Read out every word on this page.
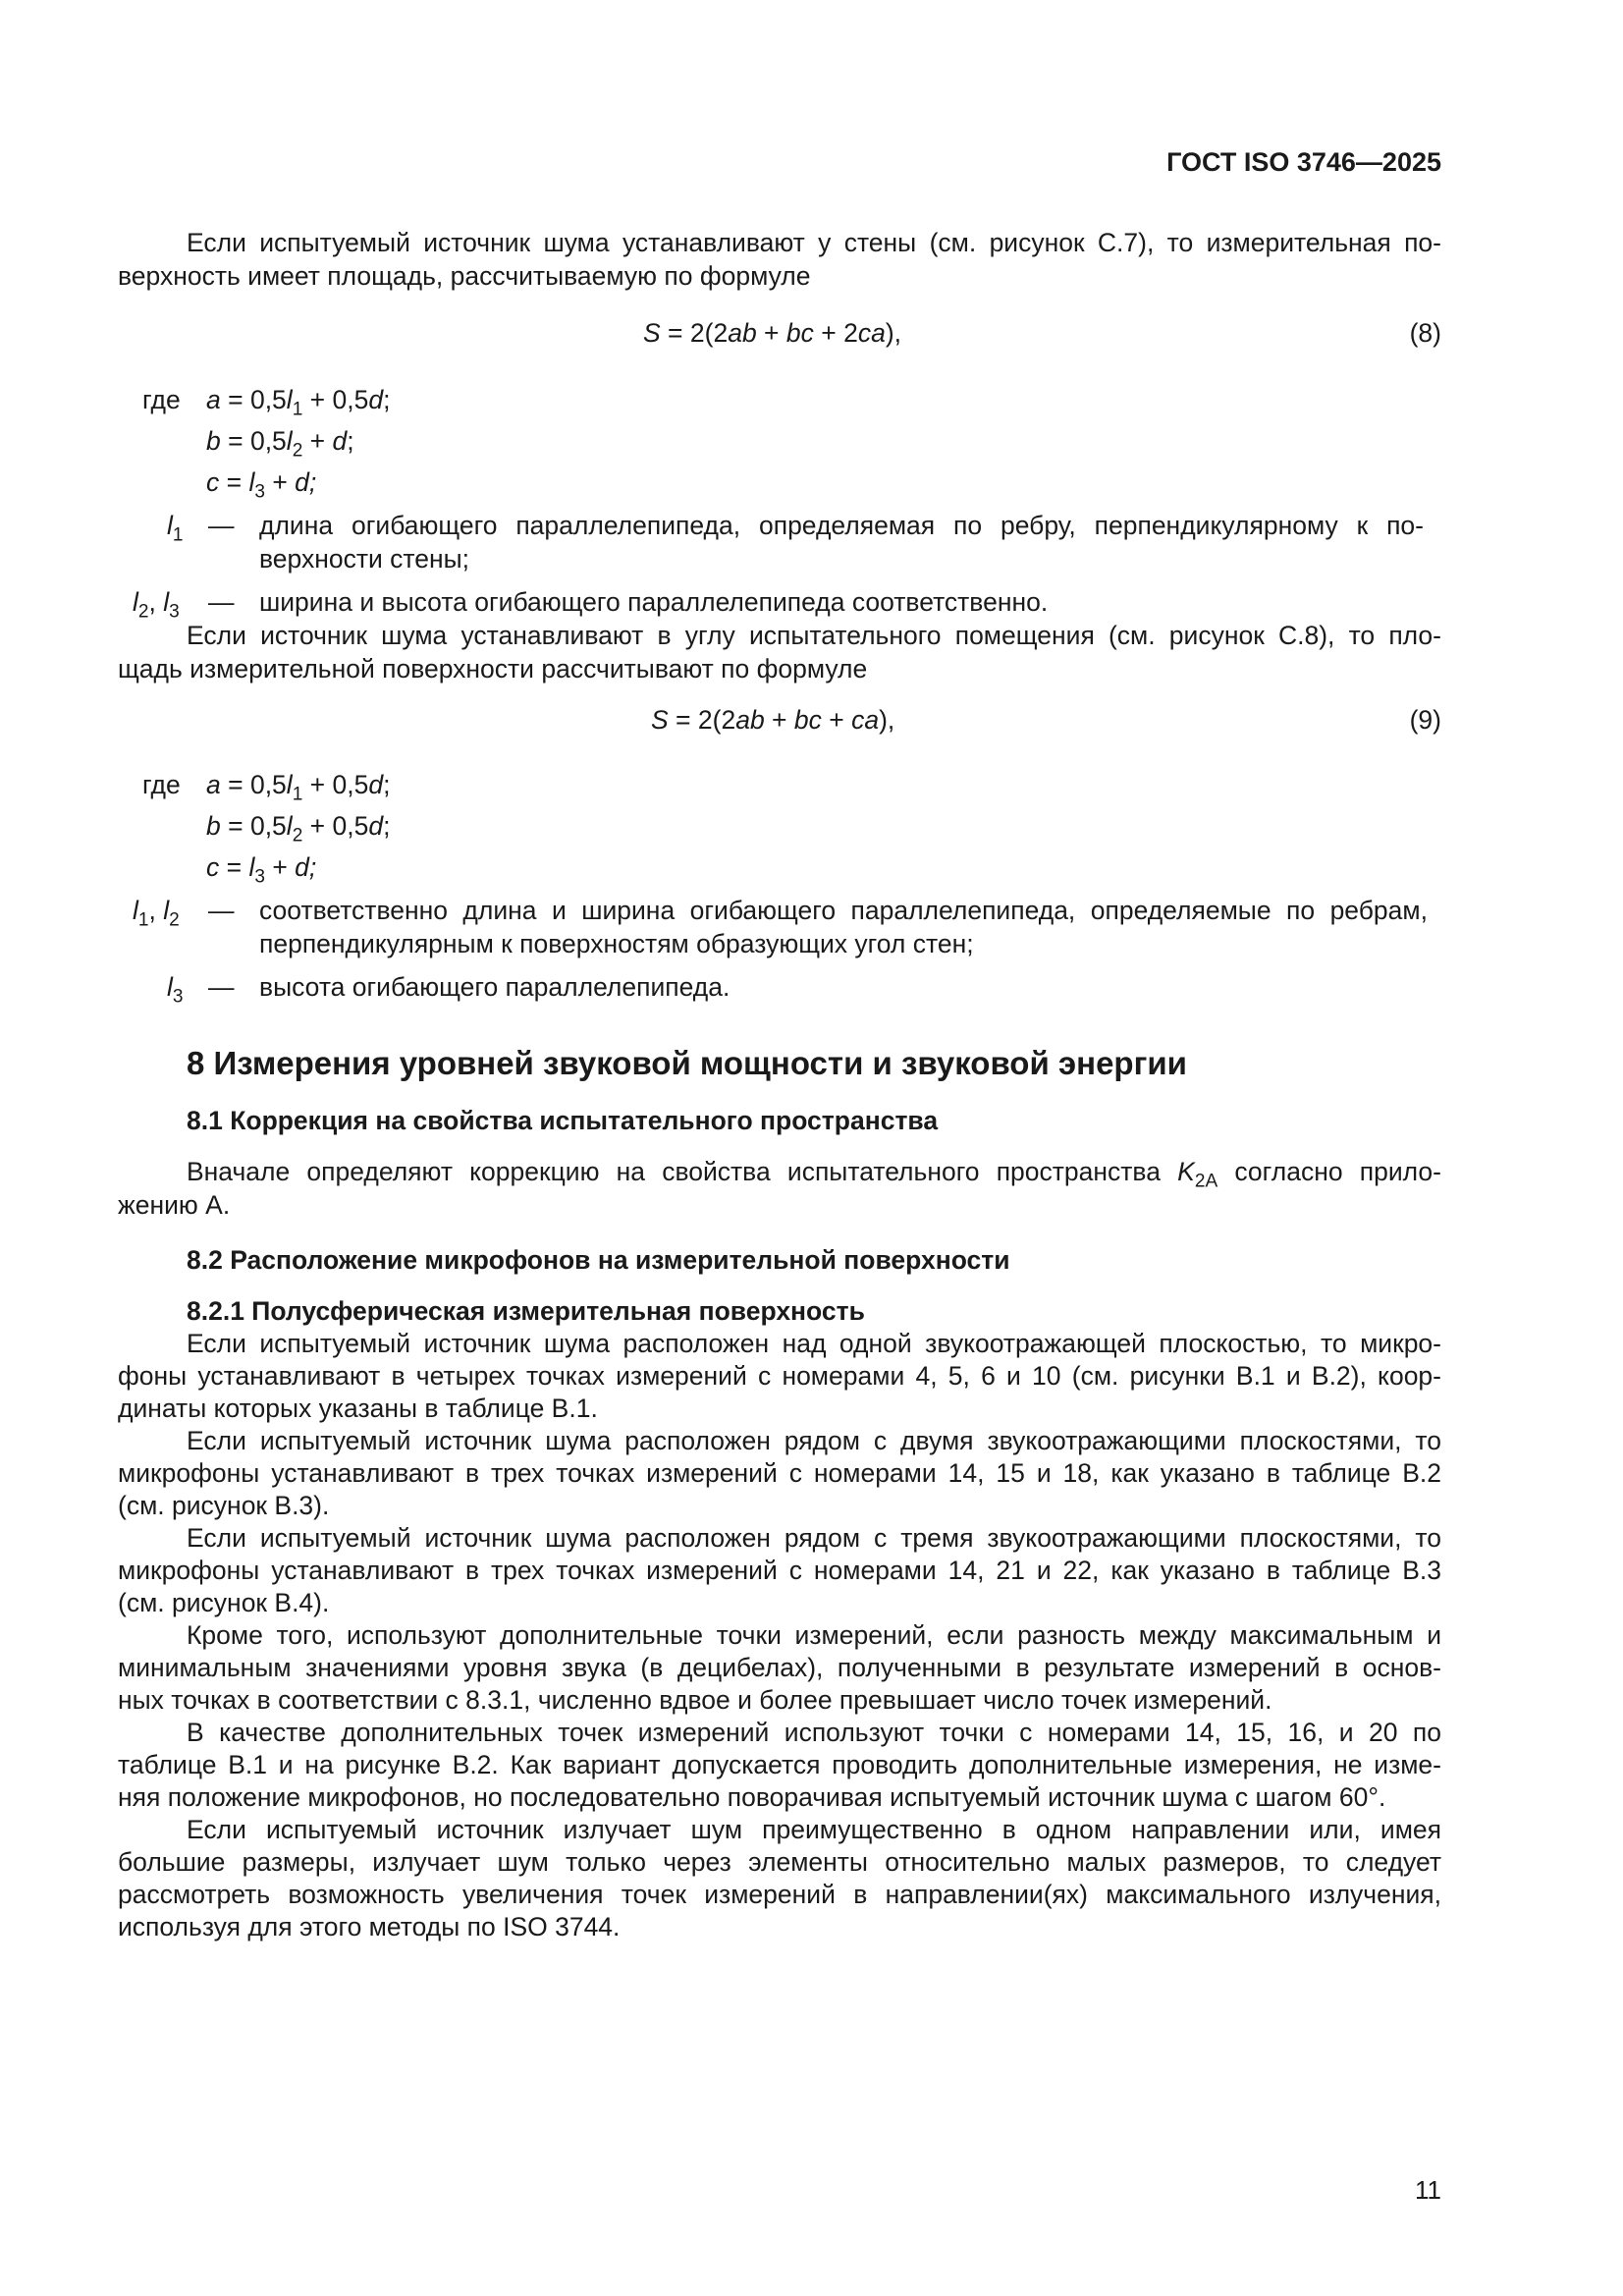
ГОСТ ISO 3746—2025
Если испытуемый источник шума устанавливают у стены (см. рисунок С.7), то измерительная по-
верхность имеет площадь, рассчитываемую по формуле
S = 2(2ab + bc + 2ca),	(8)
где $a = 0,5l_1 + 0,5d$;
$b = 0,5l_2 + d$;
$c = l_3 + d$;
$l_1$ — длина огибающего параллелепипеда, определяемая по ребру, перпендикулярному к по-
верхности стены;
$l_2$, $l_3$ — ширина и высота огибающего параллелепипеда соответственно.
Если источник шума устанавливают в углу испытательного помещения (см. рисунок С.8), то пло-
щадь измерительной поверхности рассчитывают по формуле
S = 2(2ab + bc + ca),	(9)
где $a = 0,5l_1 + 0,5d$;
$b = 0,5l_2 + 0,5d$;
$c = l_3 + d$;
$l_1$, $l_2$ — соответственно длина и ширина огибающего параллелепипеда, определяемые по ребрам,
перпендикулярным к поверхностям образующих угол стен;
$l_3$ — высота огибающего параллелепипеда.
8 Измерения уровней звуковой мощности и звуковой энергии
8.1 Коррекция на свойства испытательного пространства
Вначале определяют коррекцию на свойства испытательного пространства $K_{2А}$ согласно прило-
жению А.
8.2 Расположение микрофонов на измерительной поверхности
8.2.1 Полусферическая измерительная поверхность
Если испытуемый источник шума расположен над одной звукоотражающей плоскостью, то микро-
фоны устанавливают в четырех точках измерений с номерами 4, 5, 6 и 10 (см. рисунки В.1 и В.2), коор-
динаты которых указаны в таблице В.1.
Если испытуемый источник шума расположен рядом с двумя звукоотражающими плоскостями, то
микрофоны устанавливают в трех точках измерений с номерами 14, 15 и 18, как указано в таблице В.2
(см. рисунок В.3).
Если испытуемый источник шума расположен рядом с тремя звукоотражающими плоскостями, то
микрофоны устанавливают в трех точках измерений с номерами 14, 21 и 22, как указано в таблице В.3
(см. рисунок В.4).
Кроме того, используют дополнительные точки измерений, если разность между максимальным и
минимальным значениями уровня звука (в децибелах), полученными в результате измерений в основ-
ных точках в соответствии с 8.3.1, численно вдвое и более превышает число точек измерений.
В качестве дополнительных точек измерений используют точки с номерами 14, 15, 16, и 20 по
таблице В.1 и на рисунке В.2. Как вариант допускается проводить дополнительные измерения, не изме-
няя положение микрофонов, но последовательно поворачивая испытуемый источник шума с шагом 60°.
Если испытуемый источник излучает шум преимущественно в одном направлении или, имея
большие размеры, излучает шум только через элементы относительно малых размеров, то следует
рассмотреть возможность увеличения точек измерений в направлении(ях) максимального излучения,
используя для этого методы по ISO 3744.
11
